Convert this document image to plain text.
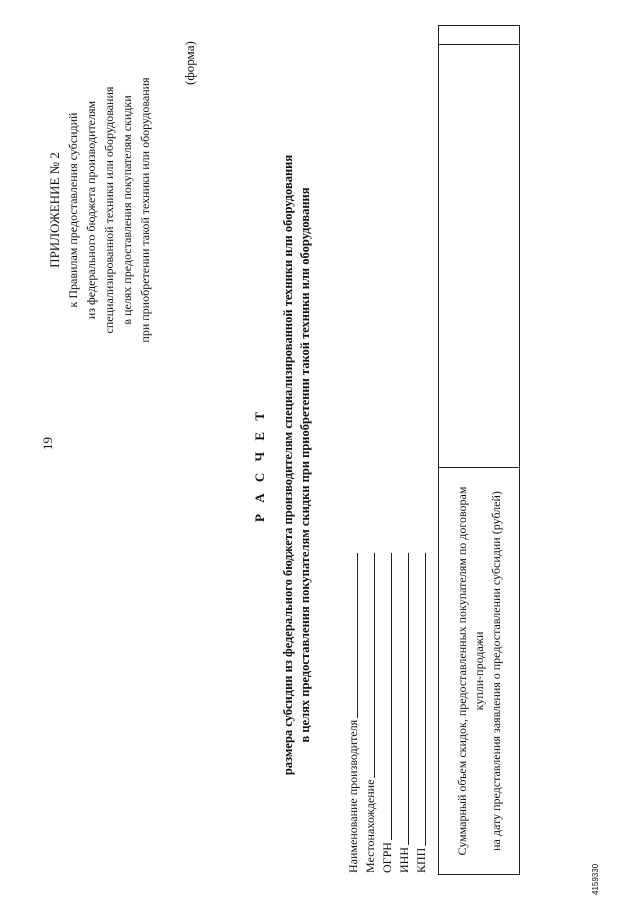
19
ПРИЛОЖЕНИЕ № 2 к Правилам предоставления субсидий из федерального бюджета производителям специализированной техники или оборудования в целях предоставления покупателям скидки при приобретении такой техники или оборудования
(форма)
Р А С Ч Е Т размера субсидии из федерального бюджета производителям специализированной техники или оборудования в целях предоставления покупателям скидки при приобретении такой техники или оборудования
Наименование производителя Местонахождение ОГРН ИНН КПП
Суммарный объем скидок, предоставленных покупателям по договорам купли-продажи на дату представления заявления о предоставлении субсидии (рублей)
4159330
